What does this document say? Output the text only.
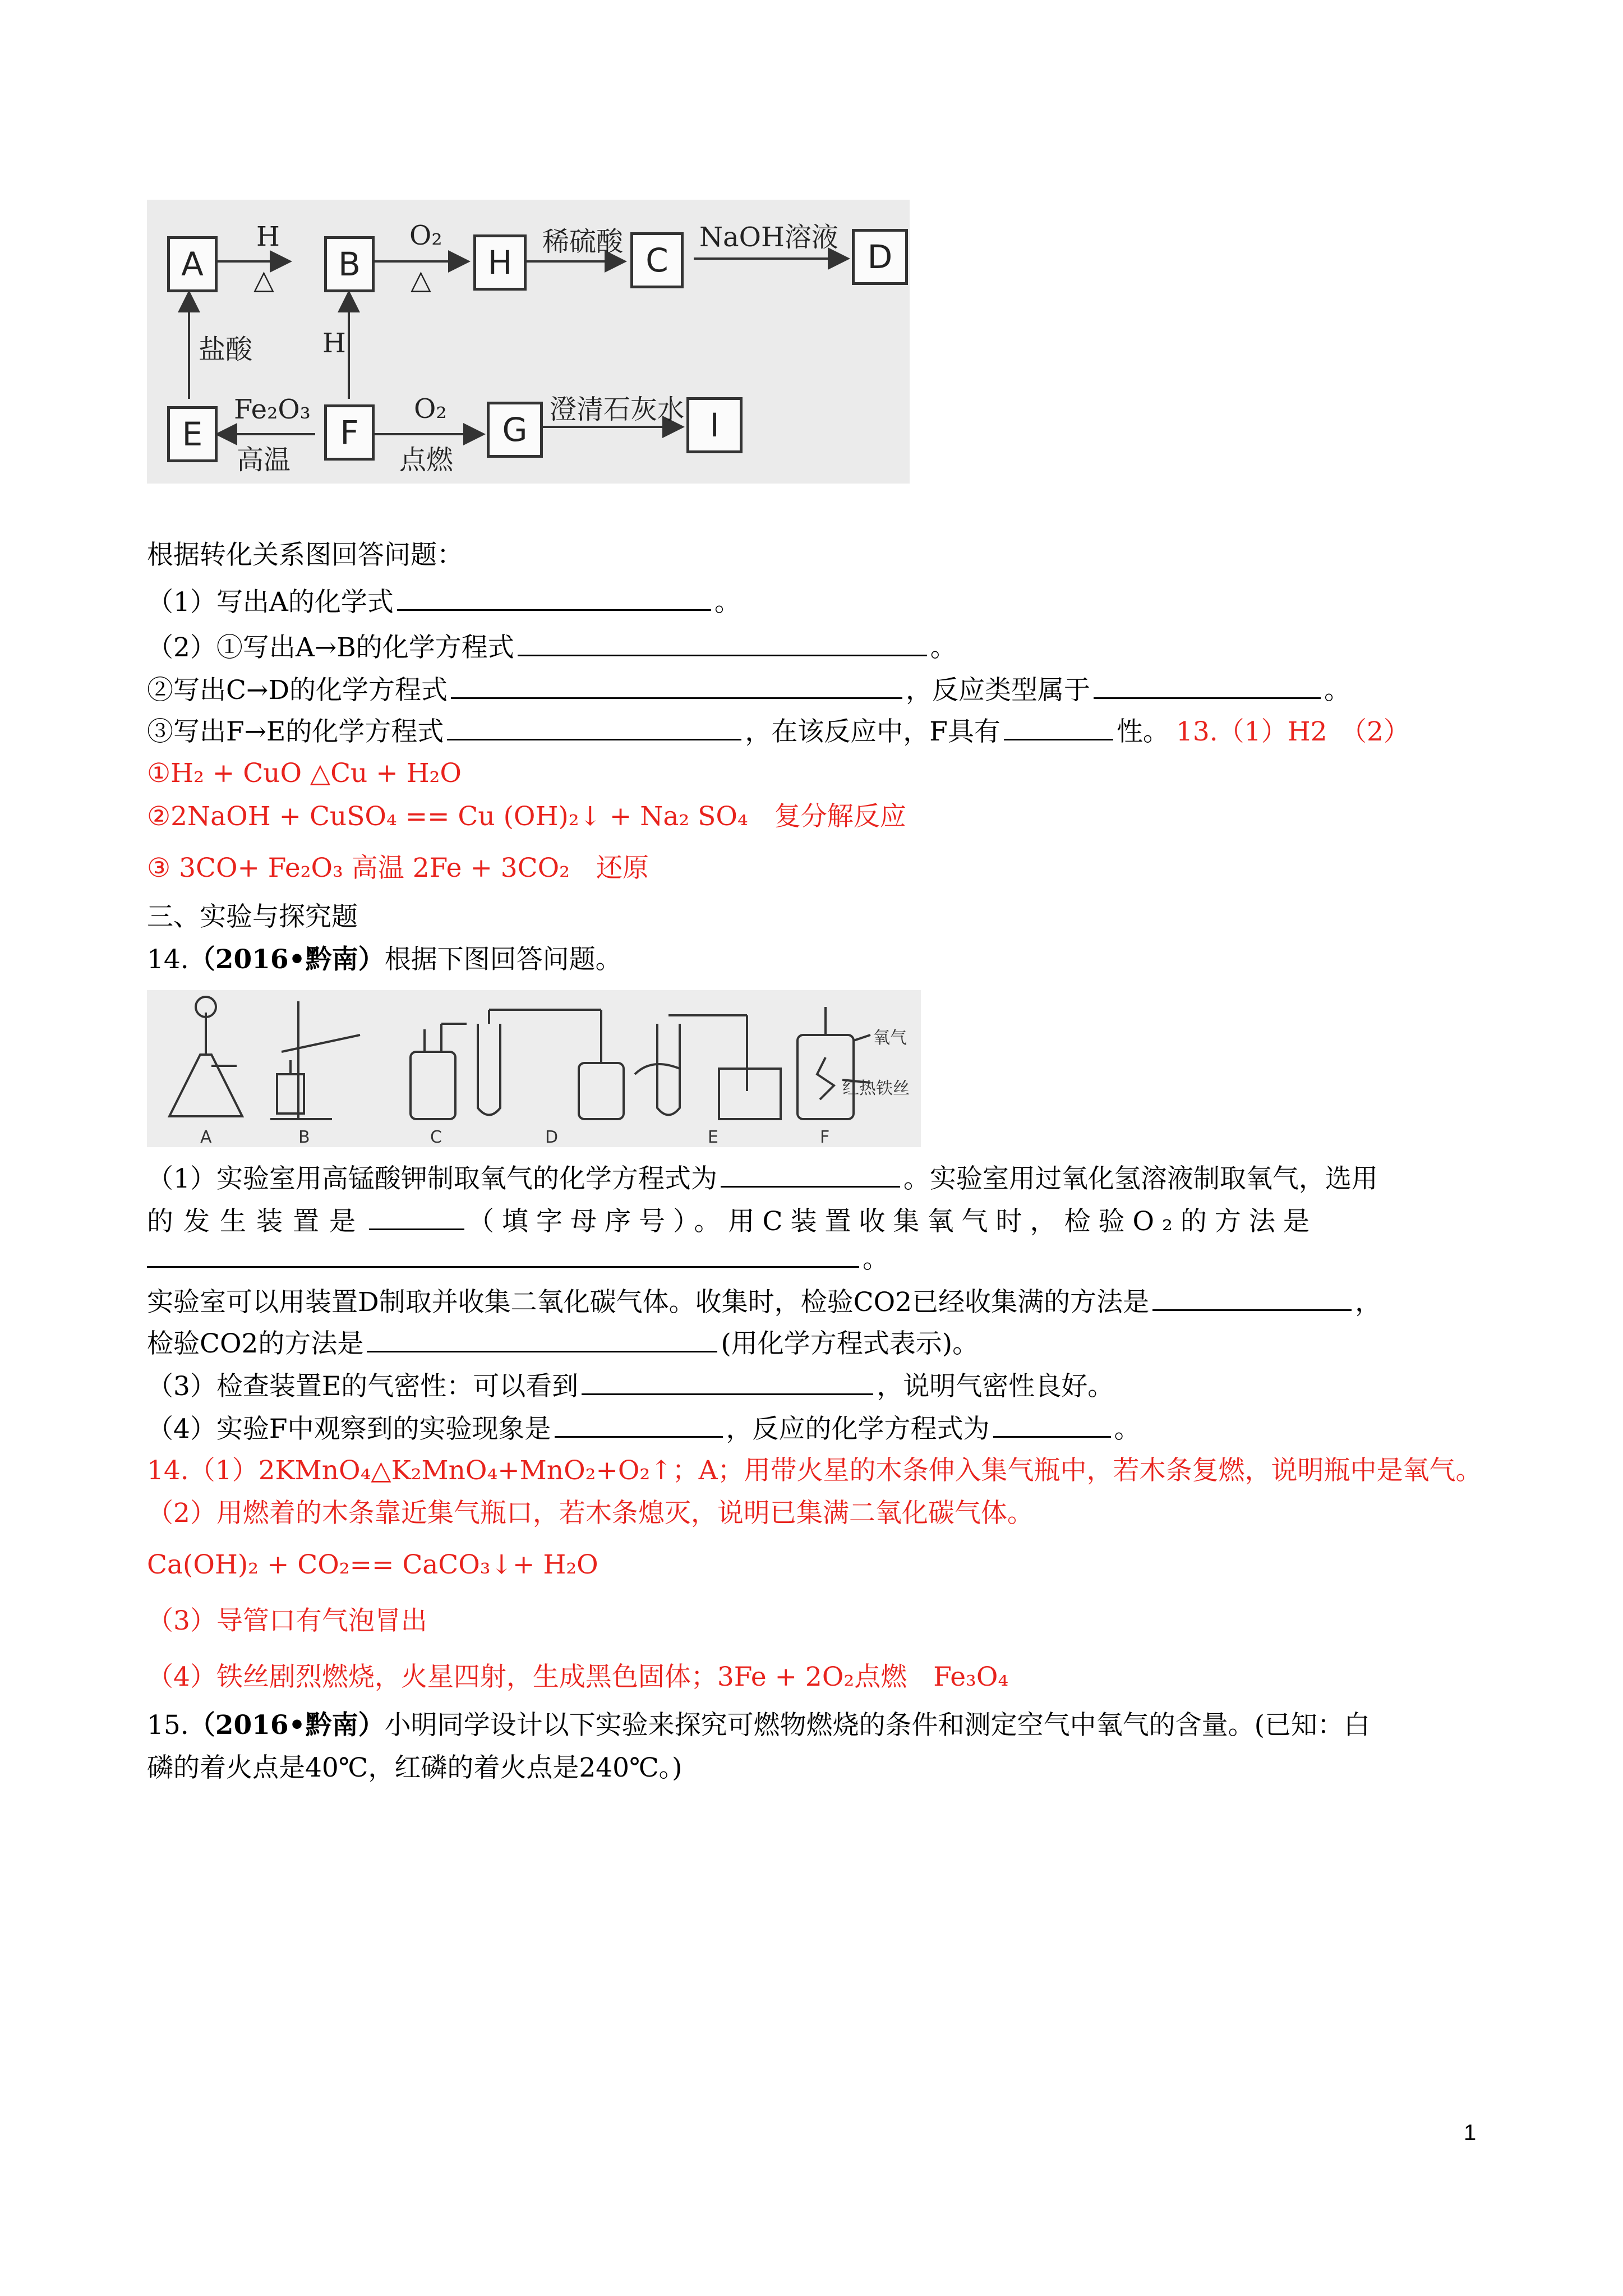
A	B	H	C	D
E	F	G	I
H
△
O₂
△
稀硫酸	NaOH溶液
盐酸	H
Fe₂O₃
高温
O₂
点燃
澄清石灰水
根据转化关系图回答问题：
（1）写出A的化学式	。
（2）①写出A→B的化学方程式	。
②写出C→D的化学方程式	，反应类型属于	。
③写出F→E的化学方程式	，在该反应中，F具有	性。 13.（1）H2　（2）
①H₂ + CuO △Cu + H₂O
②2NaOH + CuSO₄ == Cu (OH)₂↓ + Na₂ SO₄　复分解反应
③ 3CO+ Fe₂O₃ 高温 2Fe + 3CO₂　还原
三、实验与探究题
14.（2016•黔南）根据下图回答问题。
A	B	C	D	E	F
氧气
红热铁丝
（1）实验室用高锰酸钾制取氧气的化学方程式为	。实验室用过氧化氢溶液制取氧气，选用
的发生装置是	（填字母序号）。用C装置收集氧气时，检验O₂的方法是
。
实验室可以用装置D制取并收集二氧化碳气体。收集时，检验CO2已经收集满的方法是	，
检验CO2的方法是	(用化学方程式表示)。
（3）检查装置E的气密性：可以看到	，说明气密性良好。
（4）实验F中观察到的实验现象是	，反应的化学方程式为	。
14.（1）2KMnO₄△K₂MnO₄+MnO₂+O₂↑；A；用带火星的木条伸入集气瓶中，若木条复燃，说明瓶中是氧气。
（2）用燃着的木条靠近集气瓶口，若木条熄灭，说明已集满二氧化碳气体。
Ca(OH)₂ + CO₂== CaCO₃↓+ H₂O
（3）导管口有气泡冒出
（4）铁丝剧烈燃烧，火星四射，生成黑色固体；3Fe + 2O₂点燃　Fe₃O₄
15.（2016•黔南）小明同学设计以下实验来探究可燃物燃烧的条件和测定空气中氧气的含量。(已知：白
磷的着火点是40℃，红磷的着火点是240℃。)
1
